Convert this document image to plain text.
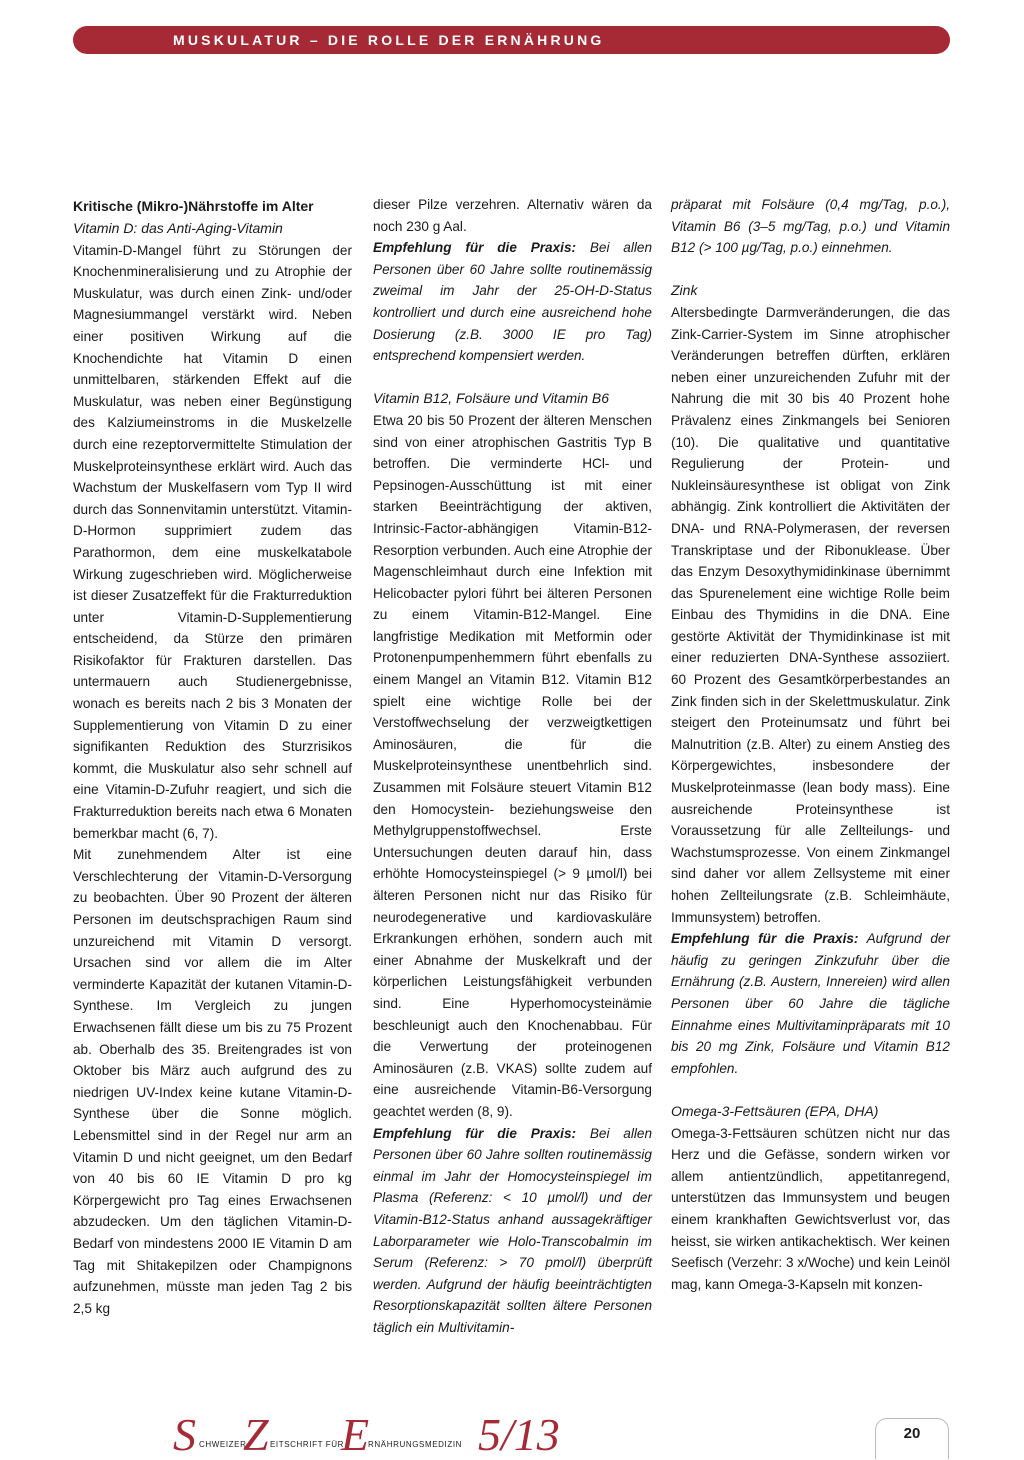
MUSKULATUR – DIE ROLLE DER ERNÄHRUNG
Kritische (Mikro-)Nährstoffe im Alter
Vitamin D: das Anti-Aging-Vitamin

Vitamin-D-Mangel führt zu Störungen der Knochenmineralisierung und zu Atrophie der Muskulatur, was durch einen Zink- und/oder Magnesiummangel verstärkt wird. Neben einer positiven Wirkung auf die Knochendichte hat Vitamin D einen unmittelbaren, stärkenden Effekt auf die Muskulatur, was neben einer Begünstigung des Kalziumeinstroms in die Muskelzelle durch eine rezeptorvermittelte Stimulation der Muskelproteinsynthese erklärt wird. Auch das Wachstum der Muskelfasern vom Typ II wird durch das Sonnenvitamin unterstützt. Vitamin-D-Hormon supprimiert zudem das Parathormon, dem eine muskelkatabole Wirkung zugeschrieben wird. Möglicherweise ist dieser Zusatzeffekt für die Frakturreduktion unter Vitamin-D-Supplementierung entscheidend, da Stürze den primären Risikofaktor für Frakturen darstellen. Das untermauern auch Studienergebnisse, wonach es bereits nach 2 bis 3 Monaten der Supplementierung von Vitamin D zu einer signifikanten Reduktion des Sturzrisikos kommt, die Muskulatur also sehr schnell auf eine Vitamin-D-Zufuhr reagiert, und sich die Frakturreduktion bereits nach etwa 6 Monaten bemerkbar macht (6, 7).

Mit zunehmendem Alter ist eine Verschlechterung der Vitamin-D-Versorgung zu beobachten. Über 90 Prozent der älteren Personen im deutschsprachigen Raum sind unzureichend mit Vitamin D versorgt. Ursachen sind vor allem die im Alter verminderte Kapazität der kutanen Vitamin-D-Synthese. Im Vergleich zu jungen Erwachsenen fällt diese um bis zu 75 Prozent ab. Oberhalb des 35. Breitengrades ist von Oktober bis März auch aufgrund des zu niedrigen UV-Index keine kutane Vitamin-D-Synthese über die Sonne möglich. Lebensmittel sind in der Regel nur arm an Vitamin D und nicht geeignet, um den Bedarf von 40 bis 60 IE Vitamin D pro kg Körpergewicht pro Tag eines Erwachsenen abzudecken. Um den täglichen Vitamin-D-Bedarf von mindestens 2000 IE Vitamin D am Tag mit Shitakepilzen oder Champignons aufzunehmen, müsste man jeden Tag 2 bis 2,5 kg

dieser Pilze verzehren. Alternativ wären da noch 230 g Aal.

Empfehlung für die Praxis: Bei allen Personen über 60 Jahre sollte routinemässig zweimal im Jahr der 25-OH-D-Status kontrolliert und durch eine ausreichend hohe Dosierung (z.B. 3000 IE pro Tag) entsprechend kompensiert werden.

Vitamin B12, Folsäure und Vitamin B6

Etwa 20 bis 50 Prozent der älteren Menschen sind von einer atrophischen Gastritis Typ B betroffen. Die verminderte HCl- und Pepsinogen-Ausschüttung ist mit einer starken Beeinträchtigung der aktiven, Intrinsic-Factor-abhängigen Vitamin-B12-Resorption verbunden. Auch eine Atrophie der Magenschleimhaut durch eine Infektion mit Helicobacter pylori führt bei älteren Personen zu einem Vitamin-B12-Mangel. Eine langfristige Medikation mit Metformin oder Protonenpumpenhemmern führt ebenfalls zu einem Mangel an Vitamin B12. Vitamin B12 spielt eine wichtige Rolle bei der Verstoffwechselung der verzweigtkettigen Aminosäuren, die für die Muskelproteinsynthese unentbehrlich sind. Zusammen mit Folsäure steuert Vitamin B12 den Homocystein- beziehungsweise den Methylgruppenstoffwechsel. Erste Untersuchungen deuten darauf hin, dass erhöhte Homocysteinspiegel (> 9 µmol/l) bei älteren Personen nicht nur das Risiko für neurodegenerative und kardiovaskuläre Erkrankungen erhöhen, sondern auch mit einer Abnahme der Muskelkraft und der körperlichen Leistungsfähigkeit verbunden sind. Eine Hyperhomocysteinämie beschleunigt auch den Knochenabbau. Für die Verwertung der proteinogenen Aminosäuren (z.B. VKAS) sollte zudem auf eine ausreichende Vitamin-B6-Versorgung geachtet werden (8, 9).

Empfehlung für die Praxis: Bei allen Personen über 60 Jahre sollten routinemässig einmal im Jahr der Homocysteinspiegel im Plasma (Referenz: < 10 µmol/l) und der Vitamin-B12-Status anhand aussagekräftiger Laborparameter wie Holo-Transcobalmin im Serum (Referenz: > 70 pmol/l) überprüft werden. Aufgrund der häufig beeinträchtigten Resorptionskapazität sollten ältere Personen täglich ein Multivitamin-

präparat mit Folsäure (0,4 mg/Tag, p.o.), Vitamin B6 (3–5 mg/Tag, p.o.) und Vitamin B12 (> 100 µg/Tag, p.o.) einnehmen.

Zink

Altersbedingte Darmveränderungen, die das Zink-Carrier-System im Sinne atrophischer Veränderungen betreffen dürften, erklären neben einer unzureichenden Zufuhr mit der Nahrung die mit 30 bis 40 Prozent hohe Prävalenz eines Zinkmangels bei Senioren (10). Die qualitative und quantitative Regulierung der Protein- und Nukleinsäuresynthese ist obligat von Zink abhängig. Zink kontrolliert die Aktivitäten der DNA- und RNA-Polymerasen, der reversen Transkriptase und der Ribonuklease. Über das Enzym Desoxythymidinkinase übernimmt das Spurenelement eine wichtige Rolle beim Einbau des Thymidins in die DNA. Eine gestörte Aktivität der Thymidinkinase ist mit einer reduzierten DNA-Synthese assoziiert. 60 Prozent des Gesamtkörperbestandes an Zink finden sich in der Skelettmuskulatur. Zink steigert den Proteinumsatz und führt bei Malnutrition (z.B. Alter) zu einem Anstieg des Körpergewichtes, insbesondere der Muskelproteinmasse (lean body mass). Eine ausreichende Proteinsynthese ist Voraussetzung für alle Zellteilungs- und Wachstumsprozesse. Von einem Zinkmangel sind daher vor allem Zellsysteme mit einer hohen Zellteilungsrate (z.B. Schleimhäute, Immunsystem) betroffen.

Empfehlung für die Praxis: Aufgrund der häufig zu geringen Zinkzufuhr über die Ernährung (z.B. Austern, Innereien) wird allen Personen über 60 Jahre die tägliche Einnahme eines Multivitaminpräparats mit 10 bis 20 mg Zink, Folsäure und Vitamin B12 empfohlen.

Omega-3-Fettsäuren (EPA, DHA)

Omega-3-Fettsäuren schützen nicht nur das Herz und die Gefässe, sondern wirken vor allem antientzündlich, appetitanregend, unterstützen das Immunsystem und beugen einem krankhaften Gewichtsverlust vor, das heisst, sie wirken antikachektisch. Wer keinen Seefisch (Verzehr: 3 x/Woche) und kein Leinöl mag, kann Omega-3-Kapseln mit konzen-

S CHWEIZER
Z EITSCHRIFT FÜR
E
RNÄHRUNGSMEDIZIN 5/13	20
